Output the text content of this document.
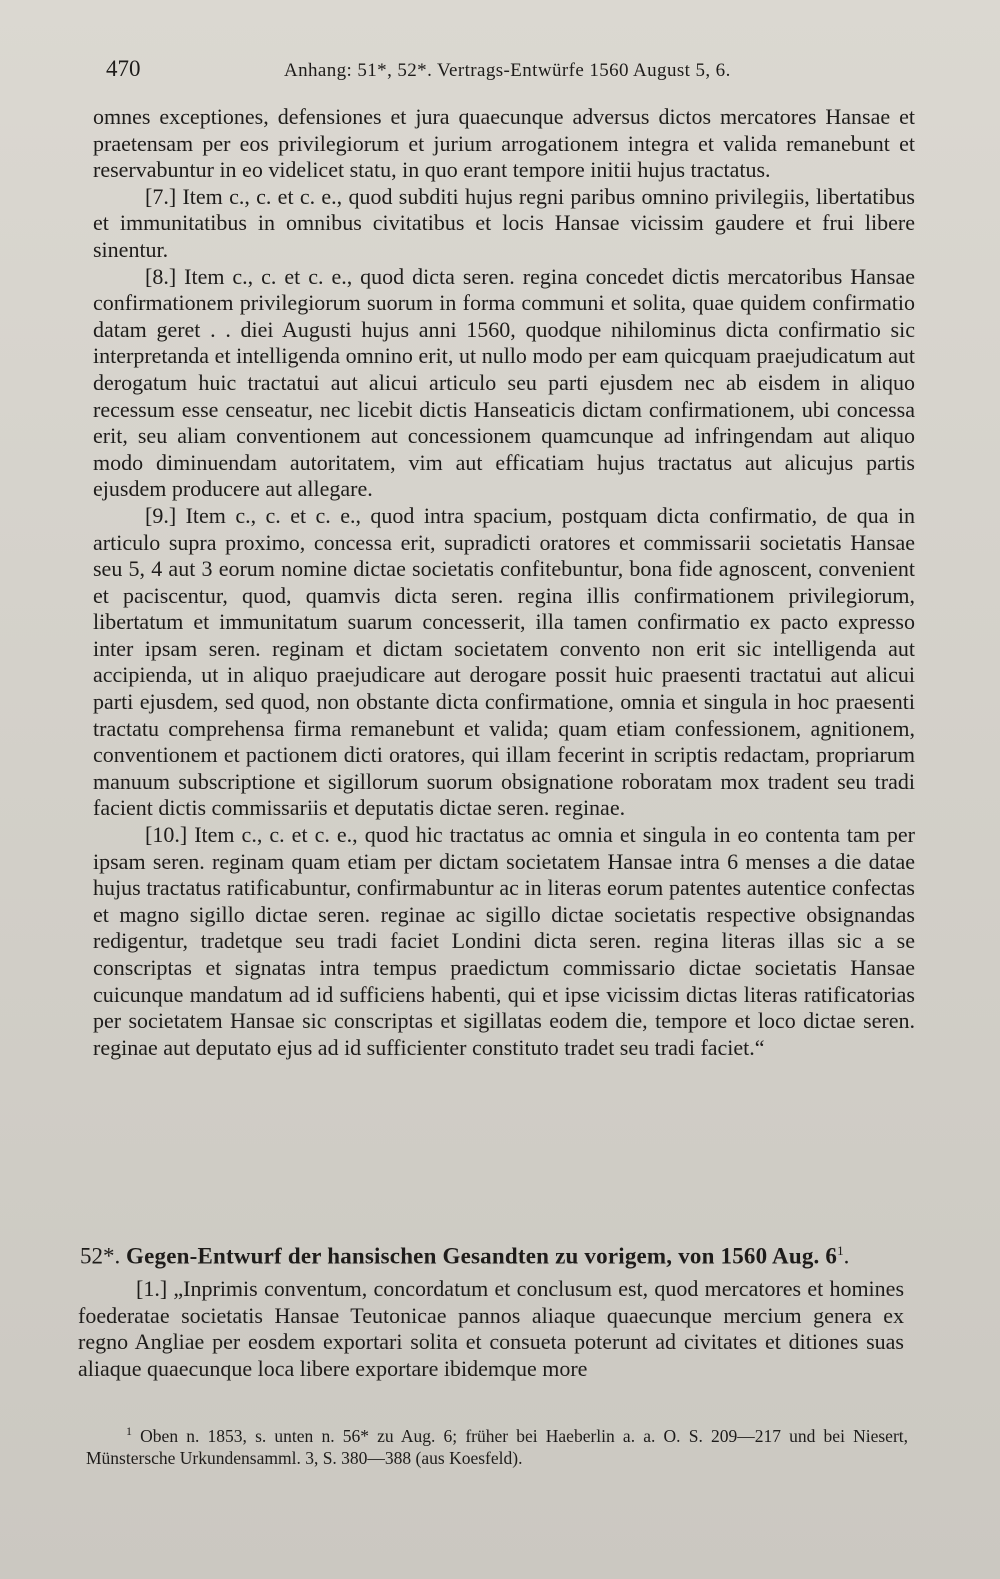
470	Anhang: 51*, 52*. Vertrags-Entwürfe 1560 August 5, 6.

omnes exceptiones, defensiones et jura quaecunque adversus dictos mercatores Hansae et praetensam per eos privilegiorum et jurium arrogationem integra et valida remanebunt et reservabuntur in eo videlicet statu, in quo erant tempore initii hujus tractatus.

[7.] Item c., c. et c. e., quod subditi hujus regni paribus omnino privilegiis, libertatibus et immunitatibus in omnibus civitatibus et locis Hansae vicissim gaudere et frui libere sinentur.

[8.] Item c., c. et c. e., quod dicta seren. regina concedet dictis mercatoribus Hansae confirmationem privilegiorum suorum in forma communi et solita, quae quidem confirmatio datam geret . . diei Augusti hujus anni 1560, quodque nihilominus dicta confirmatio sic interpretanda et intelligenda omnino erit, ut nullo modo per eam quicquam praejudicatum aut derogatum huic tractatui aut alicui articulo seu parti ejusdem nec ab eisdem in aliquo recessum esse censeatur, nec licebit dictis Hanseaticis dictam confirmationem, ubi concessa erit, seu aliam conventionem aut concessionem quamcunque ad infringendam aut aliquo modo diminuendam autoritatem, vim aut efficatiam hujus tractatus aut alicujus partis ejusdem producere aut allegare.

[9.] Item c., c. et c. e., quod intra spacium, postquam dicta confirmatio, de qua in articulo supra proximo, concessa erit, supradicti oratores et commissarii societatis Hansae seu 5, 4 aut 3 eorum nomine dictae societatis confitebuntur, bona fide agnoscent, convenient et paciscentur, quod, quamvis dicta seren. regina illis confirmationem privilegiorum, libertatum et immunitatum suarum concesserit, illa tamen confirmatio ex pacto expresso inter ipsam seren. reginam et dictam societatem convento non erit sic intelligenda aut accipienda, ut in aliquo praejudicare aut derogare possit huic praesenti tractatui aut alicui parti ejusdem, sed quod, non obstante dicta confirmatione, omnia et singula in hoc praesenti tractatu comprehensa firma remanebunt et valida; quam etiam confessionem, agnitionem, conventionem et pactionem dicti oratores, qui illam fecerint in scriptis redactam, propriarum manuum subscriptione et sigillorum suorum obsignatione roboratam mox tradent seu tradi facient dictis commissariis et deputatis dictae seren. reginae.

[10.] Item c., c. et c. e., quod hic tractatus ac omnia et singula in eo contenta tam per ipsam seren. reginam quam etiam per dictam societatem Hansae intra 6 menses a die datae hujus tractatus ratificabuntur, confirmabuntur ac in literas eorum patentes autentice confectas et magno sigillo dictae seren. reginae ac sigillo dictae societatis respective obsignandas redigentur, tradetque seu tradi faciet Londini dicta seren. regina literas illas sic a se conscriptas et signatas intra tempus praedictum commissario dictae societatis Hansae cuicunque mandatum ad id sufficiens habenti, qui et ipse vicissim dictas literas ratificatorias per societatem Hansae sic conscriptas et sigillatas eodem die, tempore et loco dictae seren. reginae aut deputato ejus ad id sufficienter constituto tradet seu tradi faciet.“

52*. Gegen-Entwurf der hansischen Gesandten zu vorigem, von 1560 Aug. $6^1$.

[1.] „Inprimis conventum, concordatum et conclusum est, quod mercatores et homines foederatae societatis Hansae Teutonicae pannos aliaque quaecunque mercium genera ex regno Angliae per eosdem exportari solita et consueta poterunt ad civitates et ditiones suas aliaque quaecunque loca libere exportare ibidemque more

$^1$ Oben n. 1853, s. unten n. 56* zu Aug. 6; früher bei Haeberlin a. a. O. S. 209—217 und bei Niesert, Münstersche Urkundensamml. 3, S. 380—388 (aus Koesfeld).
